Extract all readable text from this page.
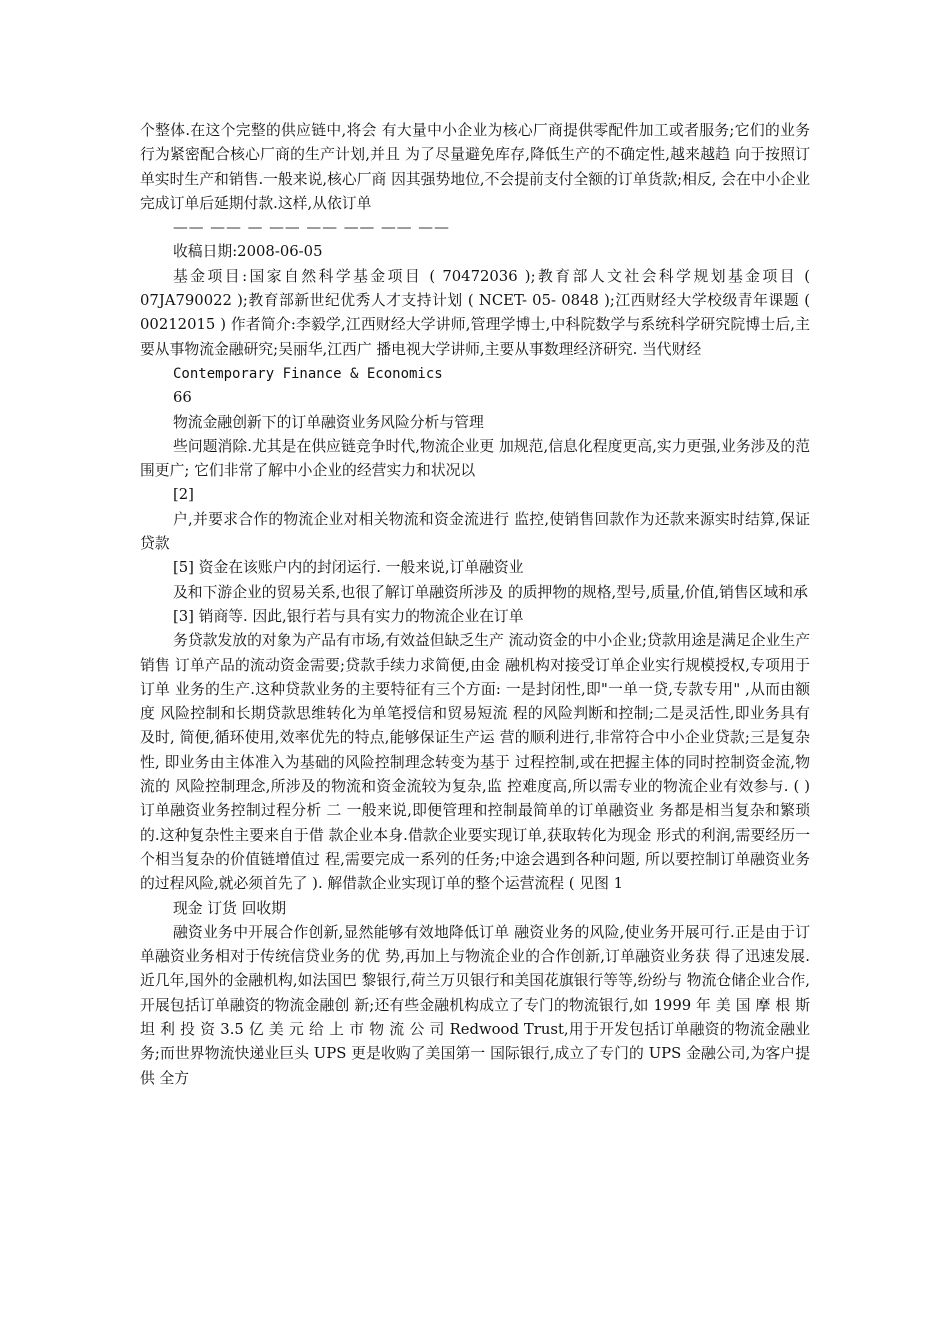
个整体.在这个完整的供应链中,将会 有大量中小企业为核心厂商提供零配件加工或者服务;它们的业务行为紧密配合核心厂商的生产计划,并且 为了尽量避免库存,降低生产的不确定性,越来越趋 向于按照订单实时生产和销售.一般来说,核心厂商 因其强势地位,不会提前支付全额的订单货款;相反, 会在中小企业完成订单后延期付款.这样,从依订单

—— —— — —— —— —— —— ——

收稿日期:2008-06-05

基金项目:国家自然科学基金项目 ( 70472036 );教育部人文社会科学规划基金项目 ( 07JA790022 );教育部新世纪优秀人才支持计划 ( NCET- 05- 0848 );江西财经大学校级青年课题 ( 00212015 ) 作者简介:李毅学,江西财经大学讲师,管理学博士,中科院数学与系统科学研究院博士后,主要从事物流金融研究;吴丽华,江西广 播电视大学讲师,主要从事数理经济研究. 当代财经

Contemporary Finance & Economics

66

物流金融创新下的订单融资业务风险分析与管理

些问题消除.尤其是在供应链竞争时代,物流企业更 加规范,信息化程度更高,实力更强,业务涉及的范 围更广; 它们非常了解中小企业的经营实力和状况以

[2]

户,并要求合作的物流企业对相关物流和资金流进行 监控,使销售回款作为还款来源实时结算,保证贷款

[5] 资金在该账户内的封闭运行. 一般来说,订单融资业

及和下游企业的贸易关系,也很了解订单融资所涉及 的质押物的规格,型号,质量,价值,销售区域和承

[3] 销商等. 因此,银行若与具有实力的物流企业在订单

务贷款发放的对象为产品有市场,有效益但缺乏生产 流动资金的中小企业;贷款用途是满足企业生产销售 订单产品的流动资金需要;贷款手续力求简便,由金 融机构对接受订单企业实行规模授权,专项用于订单 业务的生产.这种贷款业务的主要特征有三个方面: 一是封闭性,即"一单一贷,专款专用" ,从而由额度 风险控制和长期贷款思维转化为单笔授信和贸易短流 程的风险判断和控制;二是灵活性,即业务具有及时, 简便,循环使用,效率优先的特点,能够保证生产运 营的顺利进行,非常符合中小企业贷款;三是复杂性, 即业务由主体准入为基础的风险控制理念转变为基于 过程控制,或在把握主体的同时控制资金流,物流的 风险控制理念,所涉及的物流和资金流较为复杂,监 控难度高,所以需专业的物流企业有效参与. ( ) 订单融资业务控制过程分析 二 一般来说,即便管理和控制最简单的订单融资业 务都是相当复杂和繁琐的.这种复杂性主要来自于借 款企业本身.借款企业要实现订单,获取转化为现金 形式的利润,需要经历一个相当复杂的价值链增值过 程,需要完成一系列的任务;中途会遇到各种问题, 所以要控制订单融资业务的过程风险,就必须首先了 ). 解借款企业实现订单的整个运营流程 ( 见图 1

现金 订货 回收期

融资业务中开展合作创新,显然能够有效地降低订单 融资业务的风险,使业务开展可行.正是由于订单融资业务相对于传统信贷业务的优 势,再加上与物流企业的合作创新,订单融资业务获 得了迅速发展.近几年,国外的金融机构,如法国巴 黎银行,荷兰万贝银行和美国花旗银行等等,纷纷与 物流仓储企业合作,开展包括订单融资的物流金融创 新;还有些金融机构成立了专门的物流银行,如 1999 年 美 国 摩 根 斯 坦 利 投 资 3.5 亿 美 元 给 上 市 物 流 公 司 Redwood Trust,用于开发包括订单融资的物流金融业 务;而世界物流快递业巨头 UPS 更是收购了美国第一 国际银行,成立了专门的 UPS 金融公司,为客户提供 全方
